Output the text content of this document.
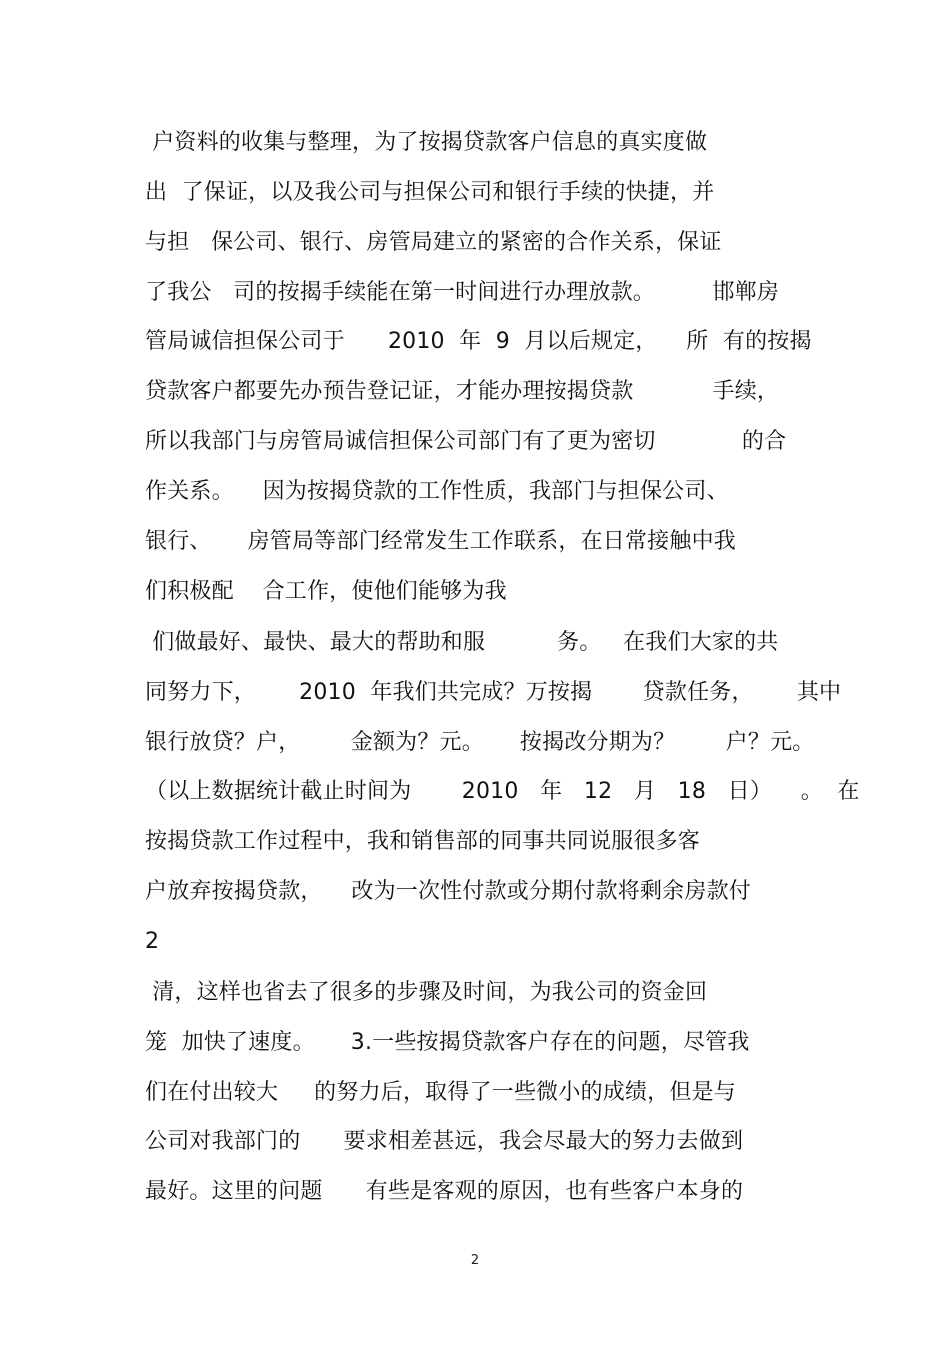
户资料的收集与整理，为了按揭贷款客户信息的真实度做

出  了保证，以及我公司与担保公司和银行手续的快捷，并

与担   保公司、银行、房管局建立的紧密的合作关系，保证

了我公   司的按揭手续能在第一时间进行办理放款。        邯郸房

管局诚信担保公司于      2010  年  9  月以后规定，    所  有的按揭

贷款客户都要先办预告登记证，才能办理按揭贷款           手续，

所以我部门与房管局诚信担保公司部门有了更为密切            的合

作关系。    因为按揭贷款的工作性质，我部门与担保公司、

银行、     房管局等部门经常发生工作联系，在日常接触中我

们积极配    合工作，使他们能够为我

们做最好、最快、最大的帮助和服          务。   在我们大家的共

同努力下，      2010  年我们共完成？万按揭       贷款任务，      其中

银行放贷？户，       金额为？元。     按揭改分期为？       户？元。

（以上数据统计截止时间为       2010   年   12   月   18   日）    。  在

按揭贷款工作过程中，我和销售部的同事共同说服很多客

户放弃按揭贷款，    改为一次性付款或分期付款将剩余房款付

2

清，这样也省去了很多的步骤及时间，为我公司的资金回

笼  加快了速度。     3.一些按揭贷款客户存在的问题，尽管我

们在付出较大     的努力后，取得了一些微小的成绩，但是与

公司对我部门的      要求相差甚远，我会尽最大的努力去做到

最好。这里的问题      有些是客观的原因，也有些客户本身的

2
